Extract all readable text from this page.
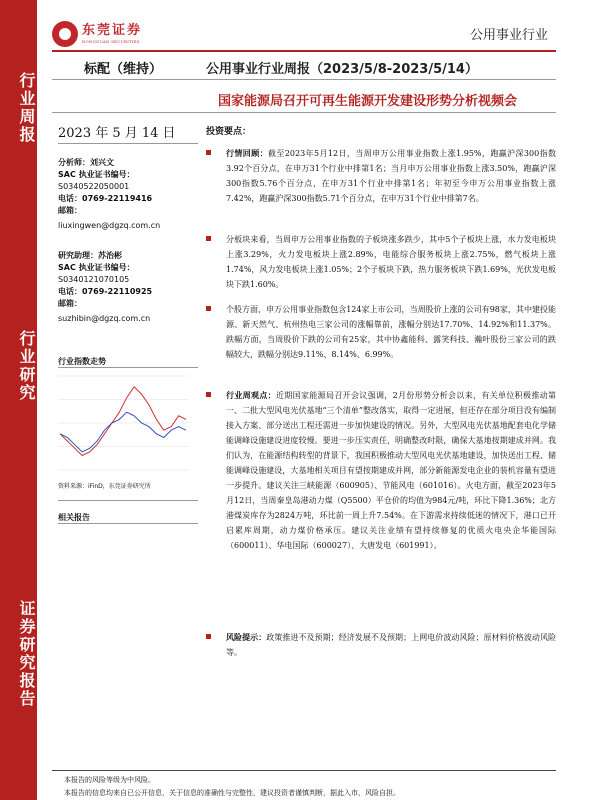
行业周报
行业研究
证券研究报告
东莞证券
DONGGUAN SECURITIES	公用事业行业
标配（维持）	公用事业行业周报（2023/5/8-2023/5/14）
国家能源局召开可再生能源开发建设形势分析视频会
2023 年 5 月 14 日
分析师：刘兴文
SAC 执业证书编号：
S0340522050001
电话：0769-22119416
邮箱：
liuxingwen@dgzq.com.cn
研究助理：苏治彬
SAC 执业证书编号：
S0340121070105
电话：0769-22110925
邮箱：
suzhibin@dgzq.com.cn
行业指数走势
资料来源：iFinD，东莞证券研究所
相关报告
投资要点：
行情回顾：截至2023年5月12日，当周申万公用事业指数上涨1.95%，跑赢沪深300指数3.92个百分点，在申万31个行业中排第1名；当月申万公用事业指数上涨3.50%，跑赢沪深300指数5.76个百分点，在申万31个行业中排第1名；年初至今申万公用事业指数上涨7.42%，跑赢沪深300指数5.71个百分点，在申万31个行业中排第7名。
分板块来看，当周申万公用事业指数的子板块涨多跌少，其中5个子板块上涨，水力发电板块上涨3.29%，火力发电板块上涨2.89%，电能综合服务板块上涨2.75%，燃气板块上涨1.74%，风力发电板块上涨1.05%；2个子板块下跌，热力服务板块下跌1.69%，光伏发电板块下跌1.60%。
个股方面，申万公用事业指数包含124家上市公司，当周股价上涨的公司有98家，其中建投能源、新天然气、杭州热电三家公司的涨幅靠前，涨幅分别达17.70%、14.92%和11.37%。跌幅方面，当周股价下跌的公司有25家，其中协鑫能科、露笑科技、瀚叶股份三家公司的跌幅较大，跌幅分别达9.11%、8.14%、6.99%。
行业周观点：近期国家能源局召开会议强调，2月份形势分析会以来，有关单位积极推动第一、二批大型风电光伏基地“三个清单”整改落实，取得一定进展，但还存在部分项目没有编制接入方案、部分送出工程还需进一步加快建设的情况。另外，大型风电光伏基地配套电化学储能调峰设施建设进度较慢。要进一步压实责任，明确整改时限，确保大基地按期建成并网。我们认为，在能源结构转型的背景下，我国积极推动大型风电光伏基地建设，加快送出工程、储能调峰设施建设，大基地相关项目有望按期建成并网，部分新能源发电企业的装机容量有望进一步提升。建议关注三峡能源（600905）、节能风电（601016）。火电方面，截至2023年5月12日，当周秦皇岛港动力煤（Q5500）平仓价的均值为984元/吨，环比下降1.36%；北方港煤炭库存为2824万吨，环比前一周上升7.54%。在下游需求持续低迷的情况下，港口已开启累库周期，动力煤价格承压。建议关注业绩有望持续修复的优质火电央企华能国际（600011）、华电国际（600027）、大唐发电（601991）。
风险提示：政策推进不及预期；经济发展不及预期；上网电价波动风险；原材料价格波动风险等。
本报告的风险等级为中风险。
本报告的信息均来自已公开信息，关于信息的准确性与完整性，建议投资者谨慎判断，据此入市，风险自担。
